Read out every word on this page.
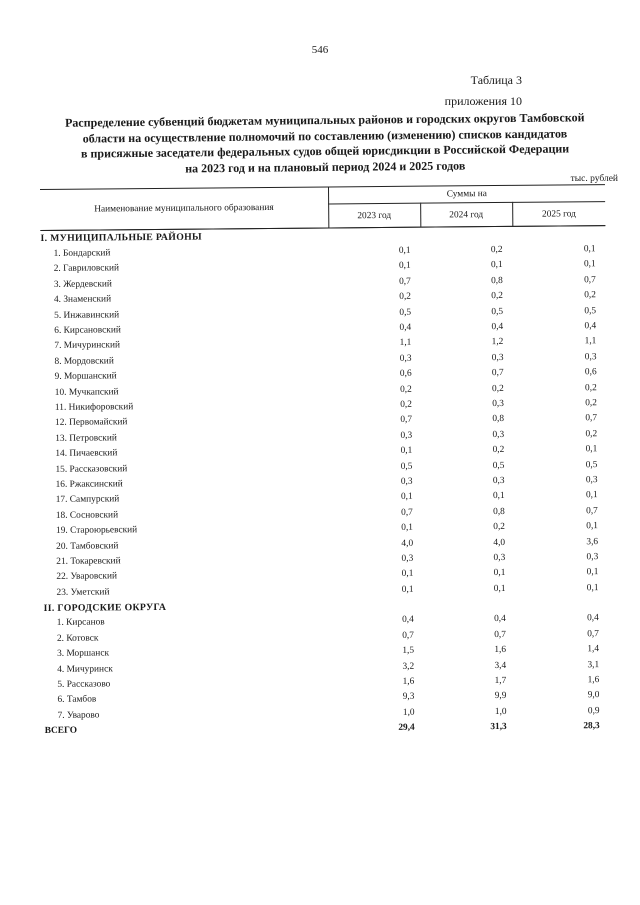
546
Таблица 3
приложения 10
Распределение субвенций бюджетам муниципальных районов и городских округов Тамбовской
области на осуществление полномочий по составлению (изменению) списков кандидатов
в присяжные заседатели федеральных судов общей юрисдикции в Российской Федерации
на 2023 год и на плановый период 2024 и 2025 годов
тыс. рублей
Наименование муниципального образования	Суммы на		
	2023 год	2024 год	2025 год
I. МУНИЦИПАЛЬНЫЕ РАЙОНЫ			
1. Бондарский	0,1	0,2	0,1
2. Гавриловский	0,1	0,1	0,1
3. Жердевский	0,7	0,8	0,7
4. Знаменский	0,2	0,2	0,2
5. Инжавинский	0,5	0,5	0,5
6. Кирсановский	0,4	0,4	0,4
7. Мичуринский	1,1	1,2	1,1
8. Мордовский	0,3	0,3	0,3
9. Моршанский	0,6	0,7	0,6
10. Мучкапский	0,2	0,2	0,2
11. Никифоровский	0,2	0,3	0,2
12. Первомайский	0,7	0,8	0,7
13. Петровский	0,3	0,3	0,2
14. Пичаевский	0,1	0,2	0,1
15. Рассказовский	0,5	0,5	0,5
16. Ржаксинский	0,3	0,3	0,3
17. Сампурский	0,1	0,1	0,1
18. Сосновский	0,7	0,8	0,7
19. Староюрьевский	0,1	0,2	0,1
20. Тамбовский	4,0	4,0	3,6
21. Токаревский	0,3	0,3	0,3
22. Уваровский	0,1	0,1	0,1
23. Уметский	0,1	0,1	0,1
II. ГОРОДСКИЕ ОКРУГА			
1. Кирсанов	0,4	0,4	0,4
2. Котовск	0,7	0,7	0,7
3. Моршанск	1,5	1,6	1,4
4. Мичуринск	3,2	3,4	3,1
5. Рассказово	1,6	1,7	1,6
6. Тамбов	9,3	9,9	9,0
7. Уварово	1,0	1,0	0,9
ВСЕГО	29,4	31,3	28,3
